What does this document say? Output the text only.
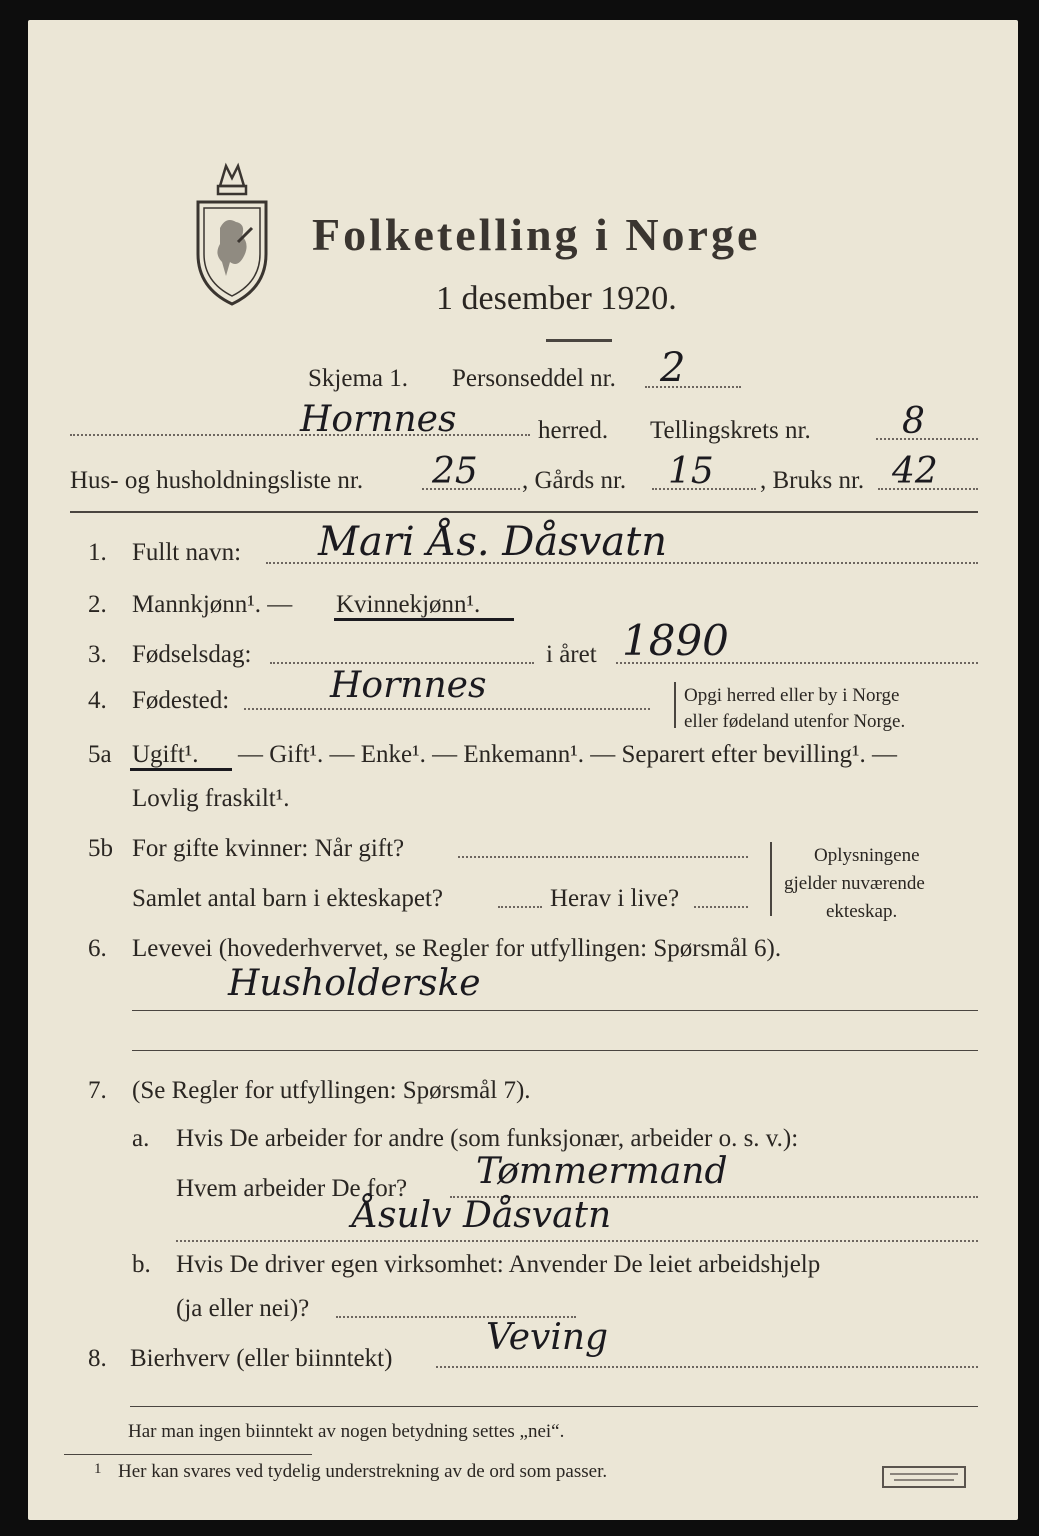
Folketelling i Norge
1 desember 1920.
Skjema 1. Personseddel nr. 2
Hornnes	herred. Tellingskrets nr.	8
Hus- og husholdningsliste nr. 25 , Gårds nr. 15 , Bruks nr. 42
1. Fullt navn: Mari Ås. Dåsvatn
2. Mannkjønn¹. — Kvinnekjønn¹.
3. Fødselsdag:	i året 1890
4. Fødested:	Hornnes	Opgi herred eller by i Norge
eller fødeland utenfor Norge.
5a Ugift¹. — Gift¹. — Enke¹. — Enkemann¹. — Separert efter bevilling¹. —
Lovlig fraskilt¹.
5b For gifte kvinner: Når gift?
Samlet antal barn i ekteskapet?	Herav i live?
Oplysningene
gjelder nuværende
ekteskap.
6. Levevei (hovederhvervet, se Regler for utfyllingen: Spørsmål 6).
Husholderske
7. (Se Regler for utfyllingen: Spørsmål 7).
a. Hvis De arbeider for andre (som funksjonær, arbeider o. s. v.):
Hvem arbeider De for? Tømmermand
Åsulv Dåsvatn
b. Hvis De driver egen virksomhet: Anvender De leiet arbeidshjelp
(ja eller nei)?
8. Bierhverv (eller biinntekt)
Veving
Har man ingen biinntekt av nogen betydning settes „nei“.
1 Her kan svares ved tydelig understrekning av de ord som passer.
